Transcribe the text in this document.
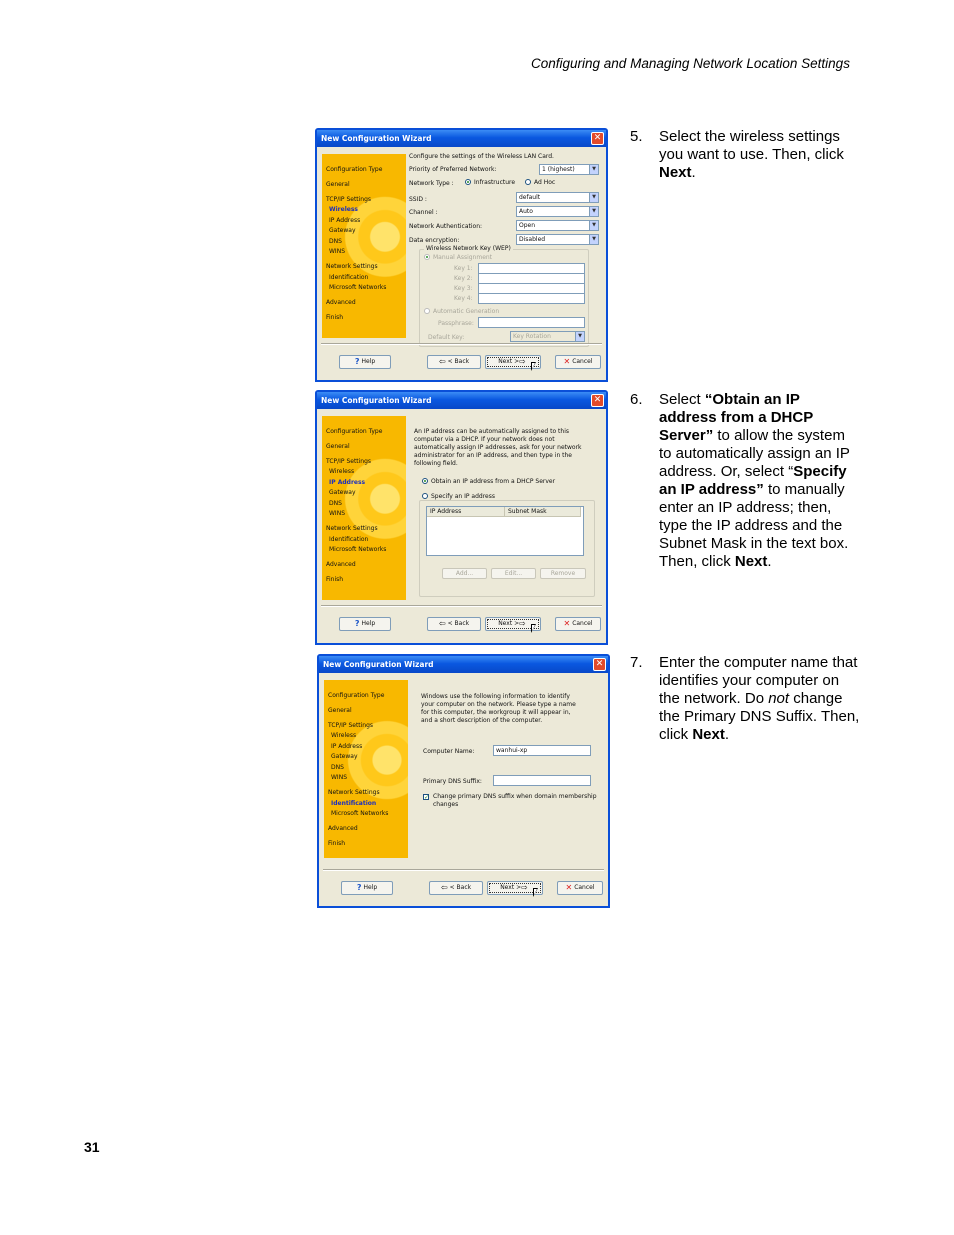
Configuring and Managing Network Location Settings
New Configuration Wizard	✕
Configuration Type
General
TCP/IP Settings
Wireless
IP Address
Gateway
DNS
WINS
Network Settings
Identification
Microsoft Networks
Advanced
Finish
Configure the settings of the Wireless LAN Card.
Priority of Preferred Network:	1 (highest)	▼
Network Type :	Infrastructure	Ad Hoc
SSID :	default	▼
Channel :	Auto	▼
Network Authentication:	Open	▼
Data encryption:	Disabled	▼
Wireless Network Key (WEP)
Manual Assignment
Key 1:
Key 2:
Key 3:
Key 4:
Automatic Generation
Passphrase:
Default Key:	Key Rotation	▼
? Help	⇦ < Back	Next >⇨	✕ Cancel
New Configuration Wizard	✕
Configuration Type
General
TCP/IP Settings
Wireless
IP Address
Gateway
DNS
WINS
Network Settings
Identification
Microsoft Networks
Advanced
Finish
An IP address can be automatically assigned to this computer via a DHCP. If your network does not automatically assign IP addresses, ask for your network administrator for an IP address, and then type in the following field.
Obtain an IP address from a DHCP Server
Specify an IP address
IP Address	Subnet Mask
Add...	Edit...	Remove
? Help	⇦ < Back	Next >⇨	✕ Cancel
New Configuration Wizard	✕
Configuration Type
General
TCP/IP Settings
Wireless
IP Address
Gateway
DNS
WINS
Network Settings
Identification
Microsoft Networks
Advanced
Finish
Windows use the following information to identify your computer on the network. Please type a name for this computer, the workgroup it will appear in, and a short description of the computer.
Computer Name:	wanhui-xp
Primary DNS Suffix:
✓ Change primary DNS suffix when domain membership changes
? Help	⇦ < Back	Next >⇨	✕ Cancel
5. Select the wireless settings you want to use. Then, click Next.
6. Select “Obtain an IP address from a DHCP Server” to allow the system to automatically assign an IP address. Or, select “Specify an IP address” to manually enter an IP address; then, type the IP address and the Subnet Mask in the text box. Then, click Next.
7. Enter the computer name that identifies your computer on the network. Do not change the Primary DNS Suffix. Then, click Next.
31
